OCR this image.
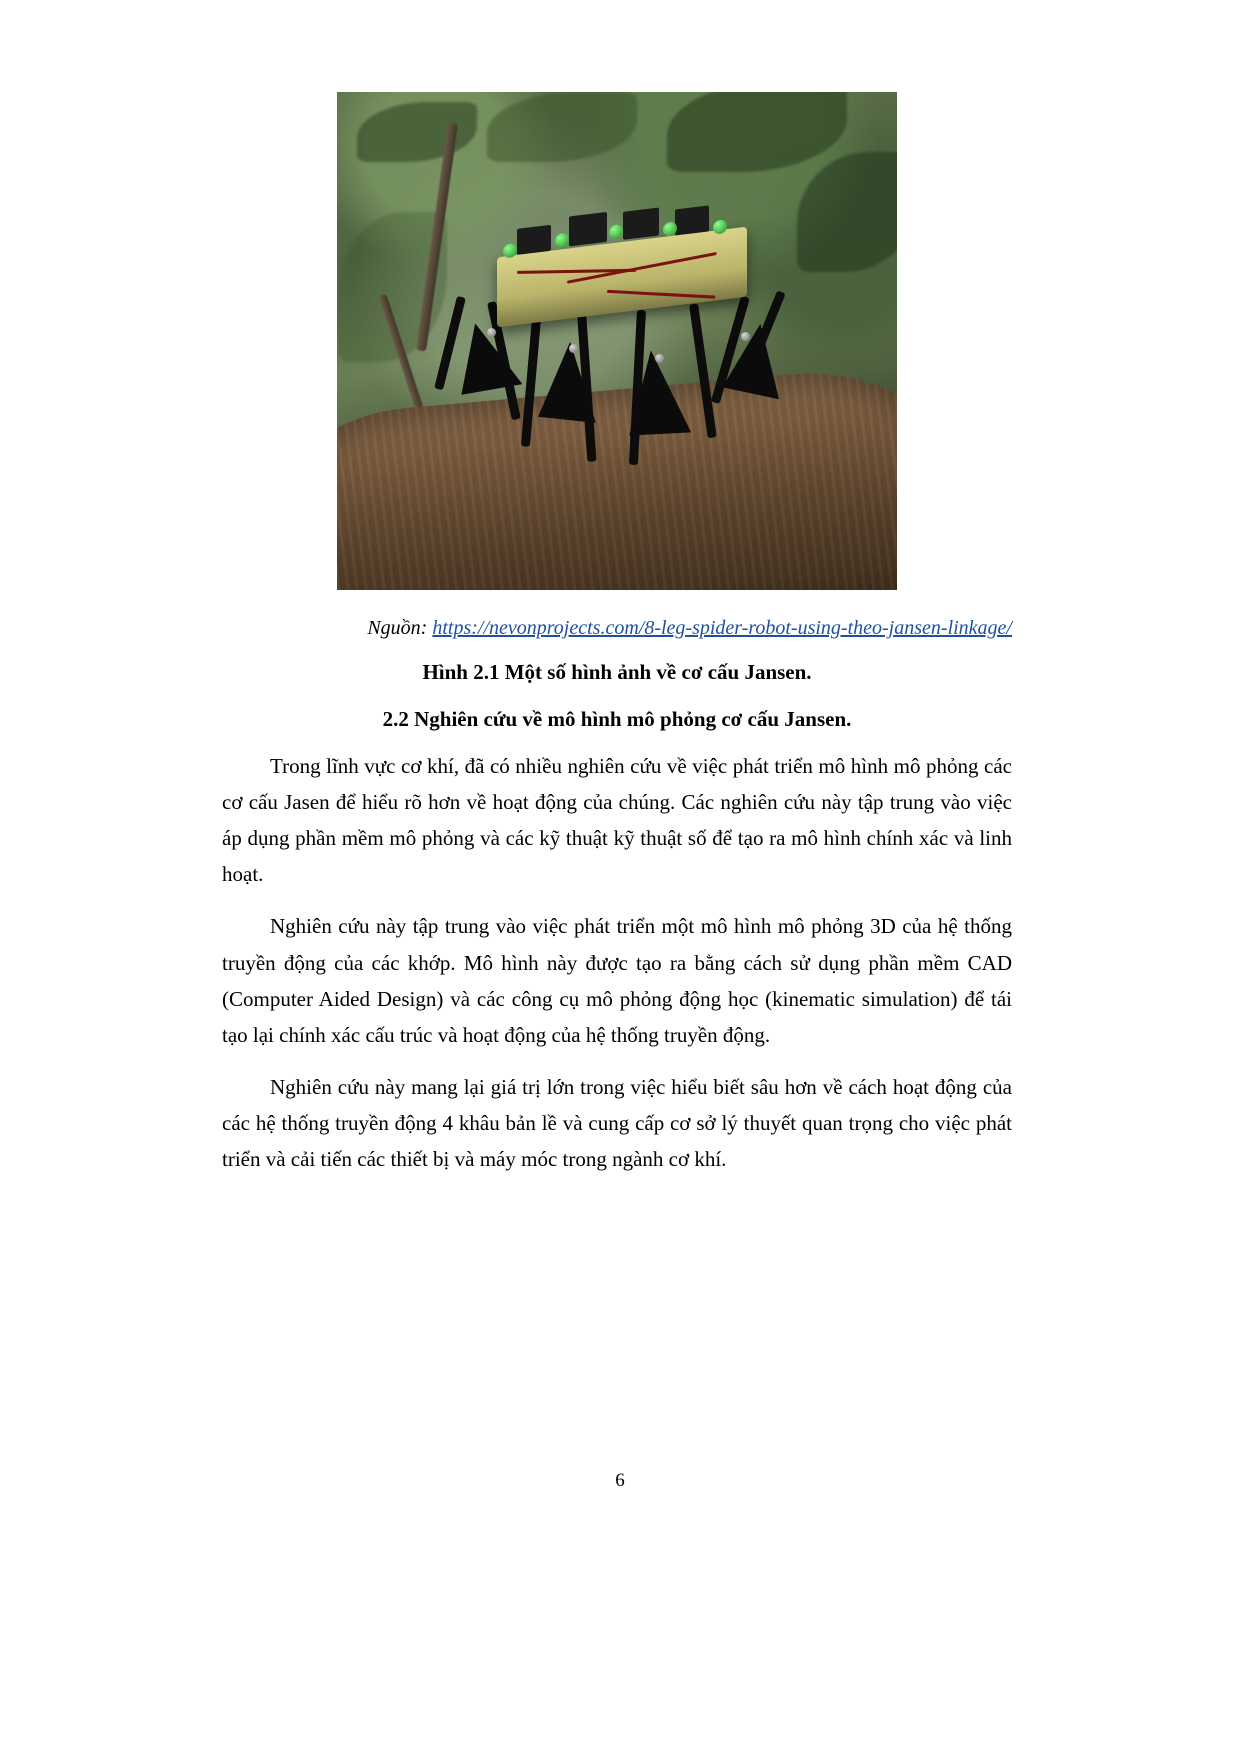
Nguồn: https://nevonprojects.com/8-leg-spider-robot-using-theo-jansen-linkage/
Hình 2.1 Một số hình ảnh về cơ cấu Jansen.
2.2 Nghiên cứu về mô hình mô phỏng cơ cấu Jansen.

Trong lĩnh vực cơ khí, đã có nhiều nghiên cứu về việc phát triển mô hình mô phỏng các cơ cấu Jasen để hiểu rõ hơn về hoạt động của chúng. Các nghiên cứu này tập trung vào việc áp dụng phần mềm mô phỏng và các kỹ thuật kỹ thuật số để tạo ra mô hình chính xác và linh hoạt.

Nghiên cứu này tập trung vào việc phát triển một mô hình mô phỏng 3D của hệ thống truyền động của các khớp. Mô hình này được tạo ra bằng cách sử dụng phần mềm CAD (Computer Aided Design) và các công cụ mô phỏng động học (kinematic simulation) để tái tạo lại chính xác cấu trúc và hoạt động của hệ thống truyền động.

Nghiên cứu này mang lại giá trị lớn trong việc hiểu biết sâu hơn về cách hoạt động của các hệ thống truyền động 4 khâu bản lề và cung cấp cơ sở lý thuyết quan trọng cho việc phát triển và cải tiến các thiết bị và máy móc trong ngành cơ khí.

6
